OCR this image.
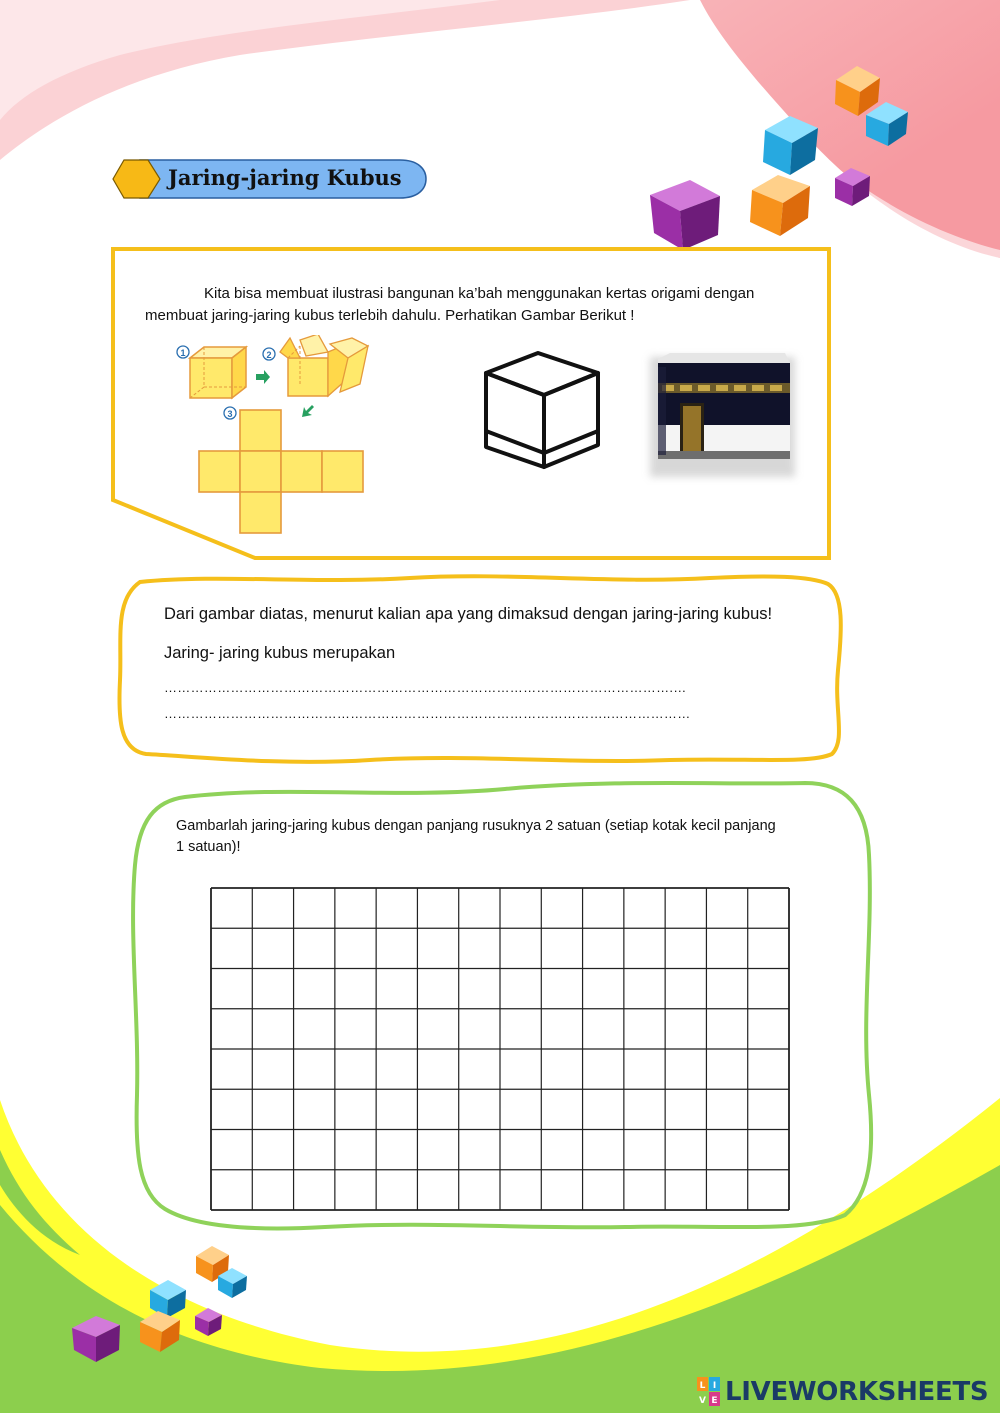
Jaring-jaring Kubus
Kita bisa membuat ilustrasi bangunan ka’bah menggunakan kertas origami dengan
membuat jaring-jaring kubus terlebih dahulu. Perhatikan Gambar Berikut !
1	2
3
Dari gambar diatas, menurut kalian apa yang dimaksud dengan jaring-jaring kubus!
Jaring- jaring kubus merupakan
…………………………………………………………………………………………………….…
………………………………………………………………………………………..………………
Gambarlah jaring-jaring kubus dengan panjang rusuknya 2 satuan (setiap kotak kecil panjang
1 satuan)!
L I
V E LIVEWORKSHEETS
